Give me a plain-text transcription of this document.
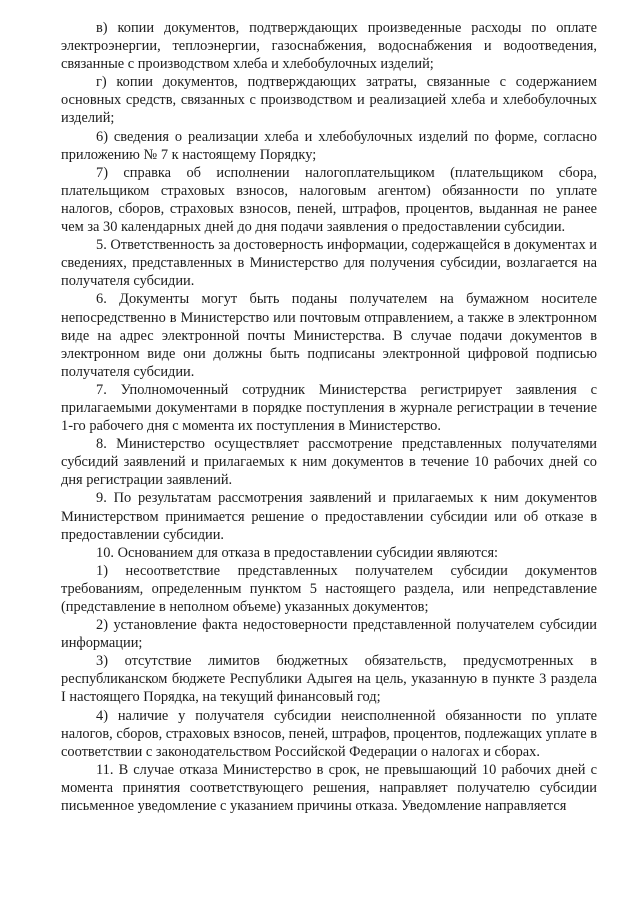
в) копии документов, подтверждающих произведенные расходы по оплате электроэнергии, теплоэнергии, газоснабжения, водоснабжения и водоотведения, связанные с производством хлеба и хлебобулочных изделий;

г) копии документов, подтверждающих затраты, связанные с содержанием основных средств, связанных с производством и реализацией хлеба и хлебобулочных изделий;

6) сведения о реализации хлеба и хлебобулочных изделий по форме, согласно приложению № 7 к настоящему Порядку;

7) справка об исполнении налогоплательщиком (плательщиком сбора, плательщиком страховых взносов, налоговым агентом) обязанности по уплате налогов, сборов, страховых взносов, пеней, штрафов, процентов, выданная не ранее чем за 30 календарных дней до дня подачи заявления о предоставлении субсидии.

5. Ответственность за достоверность информации, содержащейся в документах и сведениях, представленных в Министерство для получения субсидии, возлагается на получателя субсидии.

6. Документы могут быть поданы получателем на бумажном носителе непосредственно в Министерство или почтовым отправлением, а также в электронном виде на адрес электронной почты Министерства. В случае подачи документов в электронном виде они должны быть подписаны электронной цифровой подписью получателя субсидии.

7. Уполномоченный сотрудник Министерства регистрирует заявления с прилагаемыми документами в порядке поступления в журнале регистрации в течение 1-го рабочего дня с момента их поступления в Министерство.

8. Министерство осуществляет рассмотрение представленных получателями субсидий заявлений и прилагаемых к ним документов в течение 10 рабочих дней со дня регистрации заявлений.

9. По результатам рассмотрения заявлений и прилагаемых к ним документов Министерством принимается решение о предоставлении субсидии или об отказе в предоставлении субсидии.

10. Основанием для отказа в предоставлении субсидии являются:

1) несоответствие представленных получателем субсидии документов требованиям, определенным пунктом 5 настоящего раздела, или непредставление (представление в неполном объеме) указанных документов;

2) установление факта недостоверности представленной получателем субсидии информации;

3) отсутствие лимитов бюджетных обязательств, предусмотренных в республиканском бюджете Республики Адыгея на цель, указанную в пункте 3 раздела I настоящего Порядка, на текущий финансовый год;

4) наличие у получателя субсидии неисполненной обязанности по уплате налогов, сборов, страховых взносов, пеней, штрафов, процентов, подлежащих уплате в соответствии с законодательством Российской Федерации о налогах и сборах.

11. В случае отказа Министерство в срок, не превышающий 10 рабочих дней с момента принятия соответствующего решения, направляет получателю субсидии письменное уведомление с указанием причины отказа. Уведомление направляется
